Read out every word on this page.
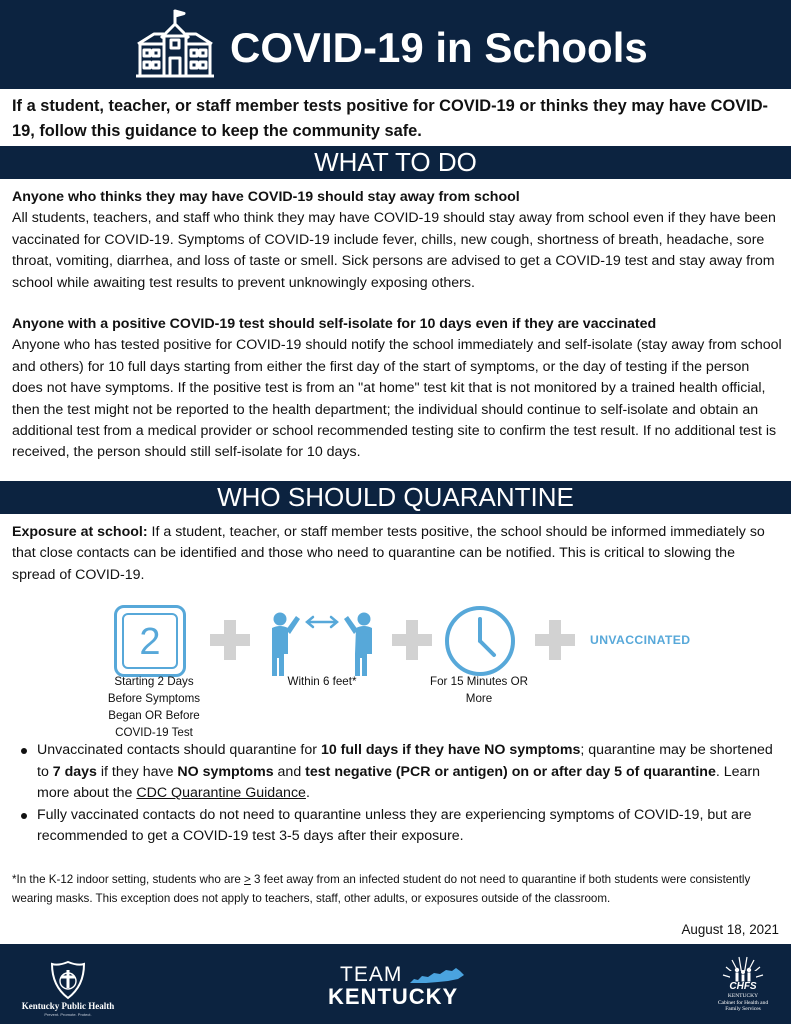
COVID-19 in Schools
If a student, teacher, or staff member tests positive for COVID-19 or thinks they may have COVID-19, follow this guidance to keep the community safe.
WHAT TO DO
Anyone who thinks they may have COVID-19 should stay away from school
All students, teachers, and staff who think they may have COVID-19 should stay away from school even if they have been vaccinated for COVID-19. Symptoms of COVID-19 include fever, chills, new cough, shortness of breath, headache, sore throat, vomiting, diarrhea, and loss of taste or smell. Sick persons are advised to get a COVID-19 test and stay away from school while awaiting test results to prevent unknowingly exposing others.
Anyone with a positive COVID-19 test should self-isolate for 10 days even if they are vaccinated
Anyone who has tested positive for COVID-19 should notify the school immediately and self-isolate (stay away from school and others) for 10 full days starting from either the first day of the start of symptoms, or the day of testing if the person does not have symptoms. If the positive test is from an "at home" test kit that is not monitored by a trained health official, then the test might not be reported to the health department; the individual should continue to self-isolate and obtain an additional test from a medical provider or school recommended testing site to confirm the test result. If no additional test is received, the person should still self-isolate for 10 days.
WHO SHOULD QUARANTINE
Exposure at school: If a student, teacher, or staff member tests positive, the school should be informed immediately so that close contacts can be identified and those who need to quarantine can be notified. This is critical to slowing the spread of COVID-19.
2	UNVACCINATED
Starting 2 Days Before Symptoms Began OR Before COVID-19 Test
Within 6 feet*	For 15 Minutes OR More
Unvaccinated contacts should quarantine for 10 full days if they have NO symptoms; quarantine may be shortened to 7 days if they have NO symptoms and test negative (PCR or antigen) on or after day 5 of quarantine. Learn more about the CDC Quarantine Guidance.
Fully vaccinated contacts do not need to quarantine unless they are experiencing symptoms of COVID-19, but are recommended to get a COVID-19 test 3-5 days after their exposure.
*In the K-12 indoor setting, students who are ≥ 3 feet away from an infected student do not need to quarantine if both students were consistently wearing masks. This exception does not apply to teachers, staff, other adults, or exposures outside of the classroom.
August 18, 2021
Kentucky Public Health
Prevent. Promote. Protect.
TEAM
KENTUCKY	CHFS
KENTUCKY
Cabinet for Health and
Family Services
